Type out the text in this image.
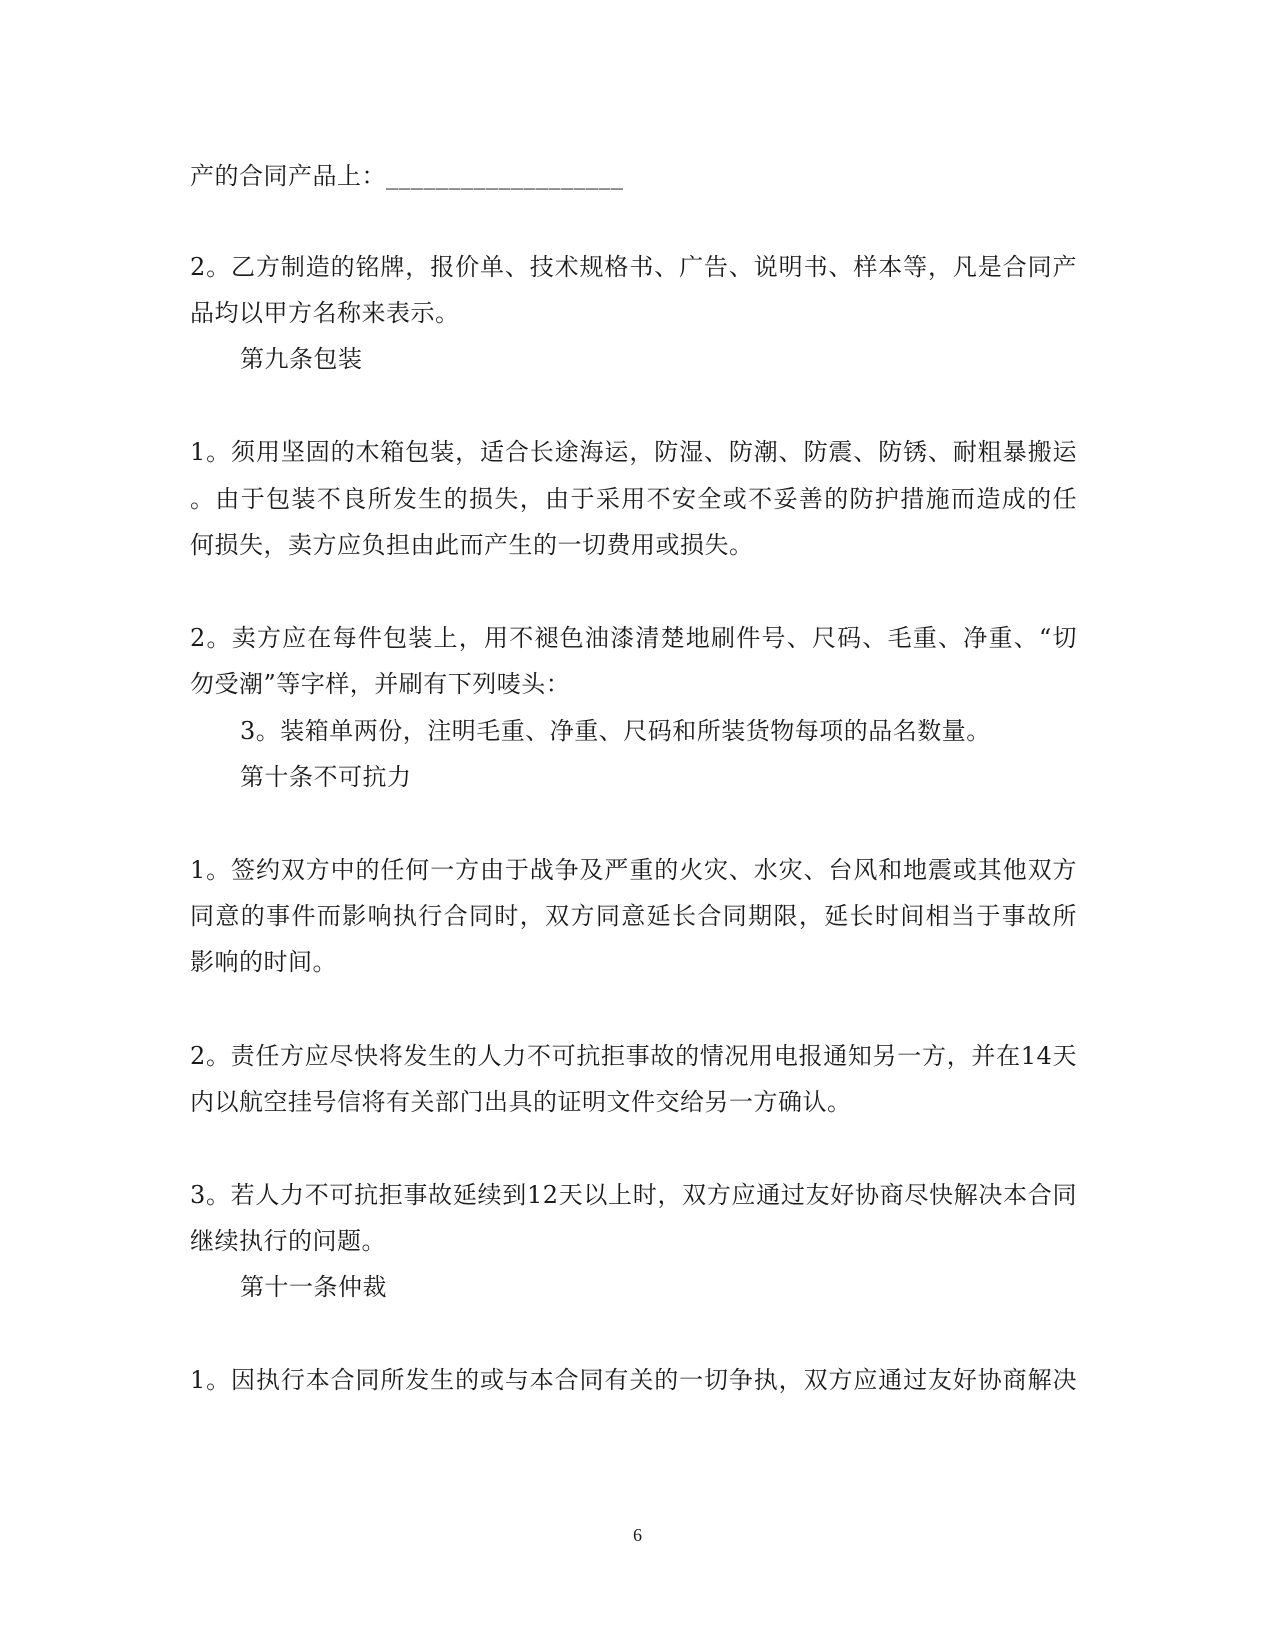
产的合同产品上：___________________
2。乙方制造的铭牌，报价单、技术规格书、广告、说明书、样本等，凡是合同产
品均以甲方名称来表示。
第九条包装
1。须用坚固的木箱包装，适合长途海运，防湿、防潮、防震、防锈、耐粗暴搬运
。由于包装不良所发生的损失，由于采用不安全或不妥善的防护措施而造成的任
何损失，卖方应负担由此而产生的一切费用或损失。
2。卖方应在每件包装上，用不褪色油漆清楚地刷件号、尺码、毛重、净重、“切
勿受潮”等字样，并刷有下列唛头：
3。装箱单两份，注明毛重、净重、尺码和所装货物每项的品名数量。
第十条不可抗力
1。签约双方中的任何一方由于战争及严重的火灾、水灾、台风和地震或其他双方
同意的事件而影响执行合同时，双方同意延长合同期限，延长时间相当于事故所
影响的时间。
2。责任方应尽快将发生的人力不可抗拒事故的情况用电报通知另一方，并在14天
内以航空挂号信将有关部门出具的证明文件交给另一方确认。
3。若人力不可抗拒事故延续到12天以上时，双方应通过友好协商尽快解决本合同
继续执行的问题。
第十一条仲裁
1。因执行本合同所发生的或与本合同有关的一切争执，双方应通过友好协商解决
6
